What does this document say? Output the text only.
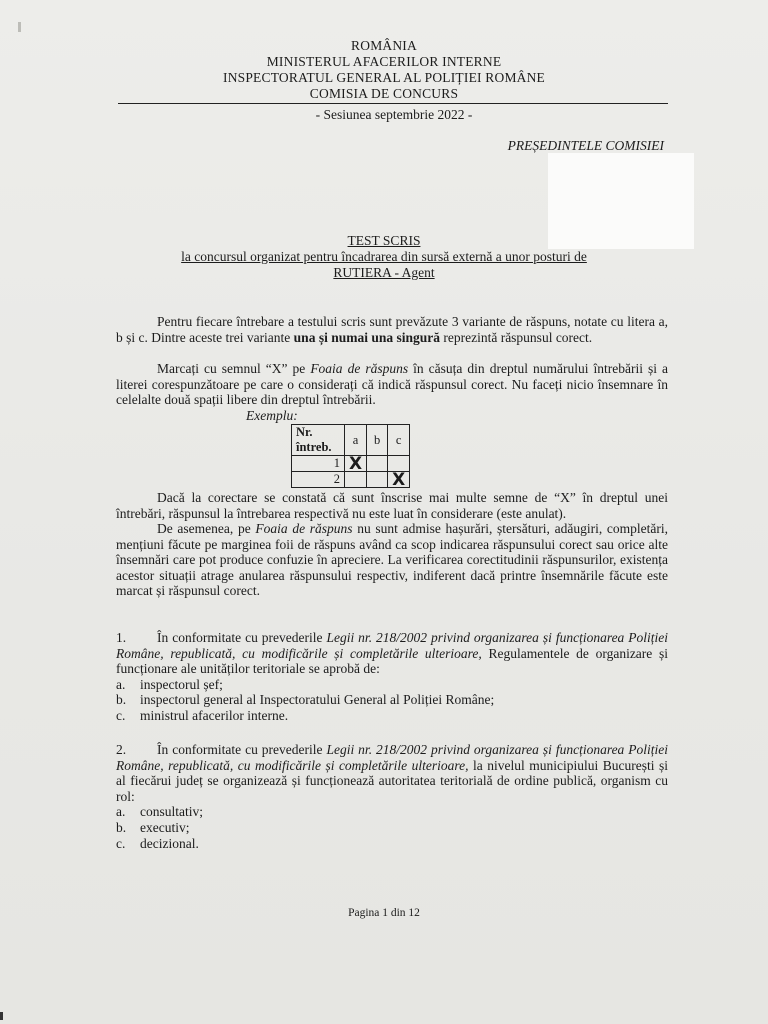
ROMÂNIA
MINISTERUL AFACERILOR INTERNE
INSPECTORATUL GENERAL AL POLIȚIEI ROMÂNE
COMISIA DE CONCURS
- Sesiunea septembrie 2022 -
PREȘEDINTELE COMISIEI
TEST SCRIS
la concursul organizat pentru încadrarea din sursă externă a unor posturi de
RUTIERA - Agent
Pentru fiecare întrebare a testului scris sunt prevăzute 3 variante de răspuns, notate cu litera a, b și c. Dintre aceste trei variante una și numai una singură reprezintă răspunsul corect.
Marcați cu semnul “X” pe Foaia de răspuns în căsuța din dreptul numărului întrebării și a literei corespunzătoare pe care o considerați că indică răspunsul corect. Nu faceți nicio însemnare în celelalte două spații libere din dreptul întrebării.
Exemplu:
Nr. întreb.	a	b	c
1	X		
2			X
Dacă la corectare se constată că sunt înscrise mai multe semne de “X” în dreptul unei întrebări, răspunsul la întrebarea respectivă nu este luat în considerare (este anulat).
De asemenea, pe Foaia de răspuns nu sunt admise hașurări, ștersături, adăugiri, completări, mențiuni făcute pe marginea foii de răspuns având ca scop indicarea răspunsului corect sau orice alte însemnări care pot produce confuzie în apreciere. La verificarea corectitudinii răspunsurilor, existența acestor situații atrage anularea răspunsului respectiv, indiferent dacă printre însemnările făcute este marcat și răspunsul corect.
1.	În conformitate cu prevederile Legii nr. 218/2002 privind organizarea și funcționarea Poliției Române, republicată, cu modificările și completările ulterioare, Regulamentele de organizare și funcționare ale unităților teritoriale se aprobă de:
a. inspectorul șef;
b. inspectorul general al Inspectoratului General al Poliției Române;
c. ministrul afacerilor interne.
2.	În conformitate cu prevederile Legii nr. 218/2002 privind organizarea și funcționarea Poliției Române, republicată, cu modificările și completările ulterioare, la nivelul municipiului București și al fiecărui județ se organizează și funcționează autoritatea teritorială de ordine publică, organism cu rol:
a. consultativ;
b. executiv;
c. decizional.
Pagina 1 din 12
